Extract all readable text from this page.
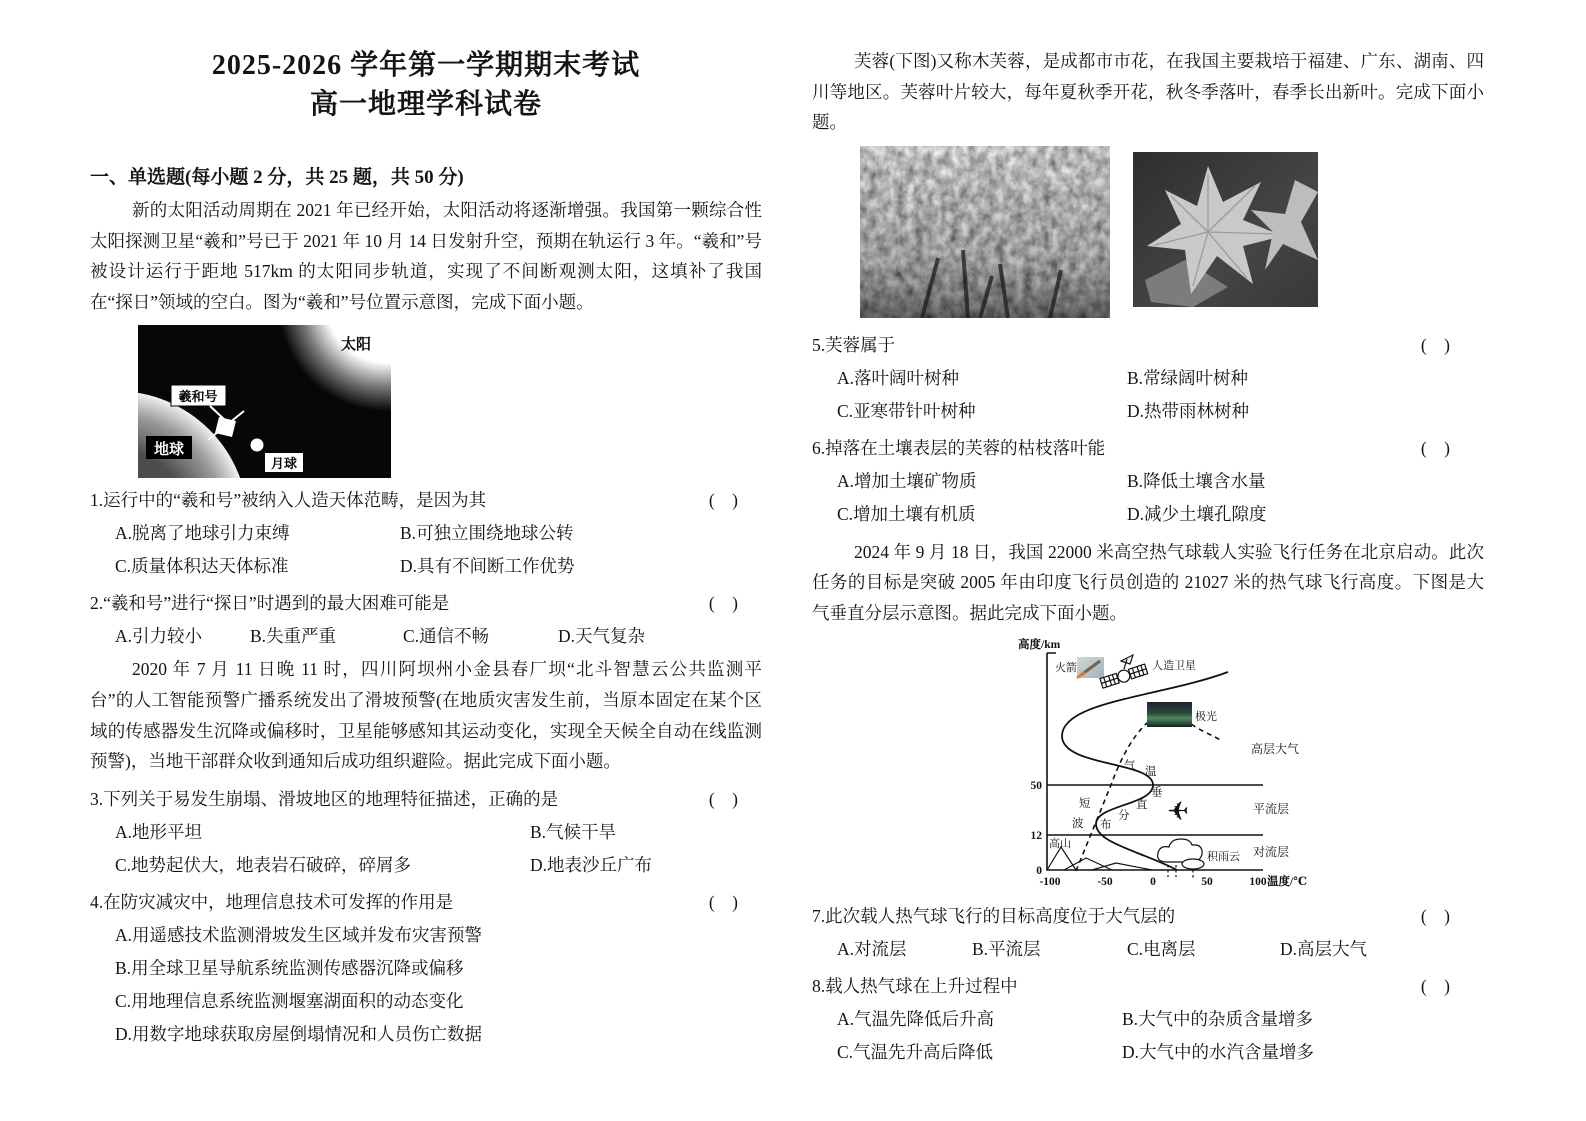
2025-2026 学年第一学期期末考试
高一地理学科试卷
一、单选题(每小题 2 分，共 25 题，共 50 分)

新的太阳活动周期在 2021 年已经开始，太阳活动将逐渐增强。我国第一颗综合性太阳探测卫星“羲和”号已于 2021 年 10 月 14 日发射升空，预期在轨运行 3 年。“羲和”号被设计运行于距地 517km 的太阳同步轨道，实现了不间断观测太阳，这填补了我国在“探日”领域的空白。图为“羲和”号位置示意图，完成下面小题。

太阳
羲和号
月球
地球
1. 运行中的“羲和号”被纳入人造天体范畴，是因为其	(    )
A. 脱离了地球引力束缚	B. 可独立围绕地球公转
C. 质量体积达天体标准	D. 具有不间断工作优势
2. “羲和号”进行“探日”时遇到的最大困难可能是	(    )
A. 引力较小	B. 失重严重	C. 通信不畅	D. 天气复杂

2020 年 7 月 11 日晚 11 时，四川阿坝州小金县春厂坝“北斗智慧云公共监测平台”的人工智能预警广播系统发出了滑坡预警(在地质灾害发生前，当原本固定在某个区域的传感器发生沉降或偏移时，卫星能够感知其运动变化，实现全天候全自动在线监测预警)，当地干部群众收到通知后成功组织避险。据此完成下面小题。

3. 下列关于易发生崩塌、滑坡地区的地理特征描述，正确的是	(    )
A. 地形平坦	B. 气候干旱
C. 地势起伏大，地表岩石破碎，碎屑多	D. 地表沙丘广布
4. 在防灾减灾中，地理信息技术可发挥的作用是	(    )
A. 用遥感技术监测滑坡发生区域并发布灾害预警
B. 用全球卫星导航系统监测传感器沉降或偏移
C. 用地理信息系统监测堰塞湖面积的动态变化
D. 用数字地球获取房屋倒塌情况和人员伤亡数据

芙蓉(下图)又称木芙蓉，是成都市市花，在我国主要栽培于福建、广东、湖南、四川等地区。芙蓉叶片较大，每年夏秋季开花，秋冬季落叶，春季长出新叶。完成下面小题。

5. 芙蓉属于	(    )
A. 落叶阔叶树种	B. 常绿阔叶树种
C. 亚寒带针叶树种	D. 热带雨林树种
6. 掉落在土壤表层的芙蓉的枯枝落叶能	(    )
A. 增加土壤矿物质	B. 降低土壤含水量
C. 增加土壤有机质	D. 减少土壤孔隙度

2024 年 9 月 18 日，我国 22000 米高空热气球载人实验飞行任务在北京启动。此次任务的目标是突破 2005 年由印度飞行员创造的 21027 米的热气球飞行高度。下图是大气垂直分层示意图。据此完成下面小题。

高度/km
50
12
0
-100	-50	0	50	100 温度/℃
火箭	人造卫星
极光
高层大气
平流层
对流层
✈
积雨云
高山
气 温
垂
直
分
布
短
波
7. 此次载人热气球飞行的目标高度位于大气层的	(    )
A. 对流层	B. 平流层	C. 电离层	D. 高层大气
8. 载人热气球在上升过程中	(    )
A. 气温先降低后升高	B. 大气中的杂质含量增多
C. 气温先升高后降低	D. 大气中的水汽含量增多
